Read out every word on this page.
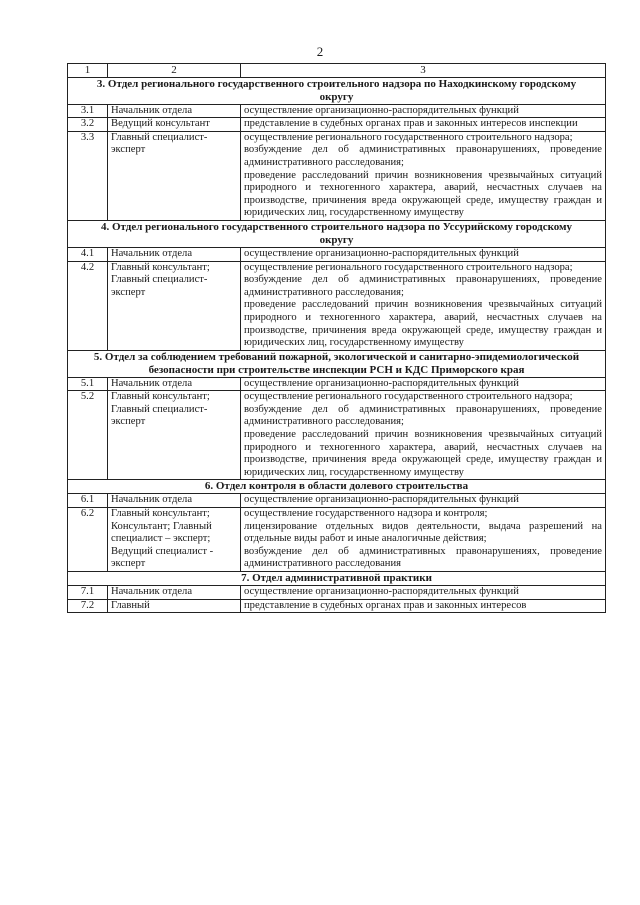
2
1	2	3

3. Отдел регионального государственного строительного надзора по Находкинскому городскому округу		

3.1	Начальник отдела	осуществление организационно-распорядительных функций

3.2	Ведущий консультант	представление в судебных органах прав и законных интересов инспекции

3.3	Главный специалист-эксперт	осуществление регионального государственного строительного надзора;
возбуждение дел об административных правонарушениях, проведение административного расследования;
проведение расследований причин возникновения чрезвычайных ситуаций природного и техногенного характера, аварий, несчастных случаев на производстве, причинения вреда окружающей среде, имуществу граждан и юридических лиц, государственному имуществу

4. Отдел регионального государственного строительного надзора по Уссурийскому городскому округу		

4.1	Начальник отдела	осуществление организационно-распорядительных функций

4.2	Главный консультант; Главный специалист-эксперт	осуществление регионального государственного строительного надзора;
возбуждение дел об административных правонарушениях, проведение административного расследования;
проведение расследований причин возникновения чрезвычайных ситуаций природного и техногенного характера, аварий, несчастных случаев на производстве, причинения вреда окружающей среде, имуществу граждан и юридических лиц, государственному имуществу

5. Отдел за соблюдением требований пожарной, экологической и санитарно-эпидемиологической безопасности при строительстве инспекции РСН и КДС Приморского края		

5.1	Начальник отдела	осуществление организационно-распорядительных функций

5.2	Главный консультант; Главный специалист-эксперт	осуществление регионального государственного строительного надзора;
возбуждение дел об административных правонарушениях, проведение административного расследования;
проведение расследований причин возникновения чрезвычайных ситуаций природного и техногенного характера, аварий, несчастных случаев на производстве, причинения вреда окружающей среде, имуществу граждан и юридических лиц, государственному имуществу

6. Отдел контроля в области долевого строительства		

6.1	Начальник отдела	осуществление организационно-распорядительных функций

6.2	Главный консультант; Консультант; Главный специалист – эксперт; Ведущий специалист - эксперт	осуществление государственного надзора и контроля;
лицензирование отдельных видов деятельности, выдача разрешений на отдельные виды работ и иные аналогичные действия;
возбуждение дел об административных правонарушениях, проведение административного расследования

7. Отдел административной практики		

7.1	Начальник отдела	осуществление организационно-распорядительных функций

7.2	Главный	представление в судебных органах прав и законных интересов
